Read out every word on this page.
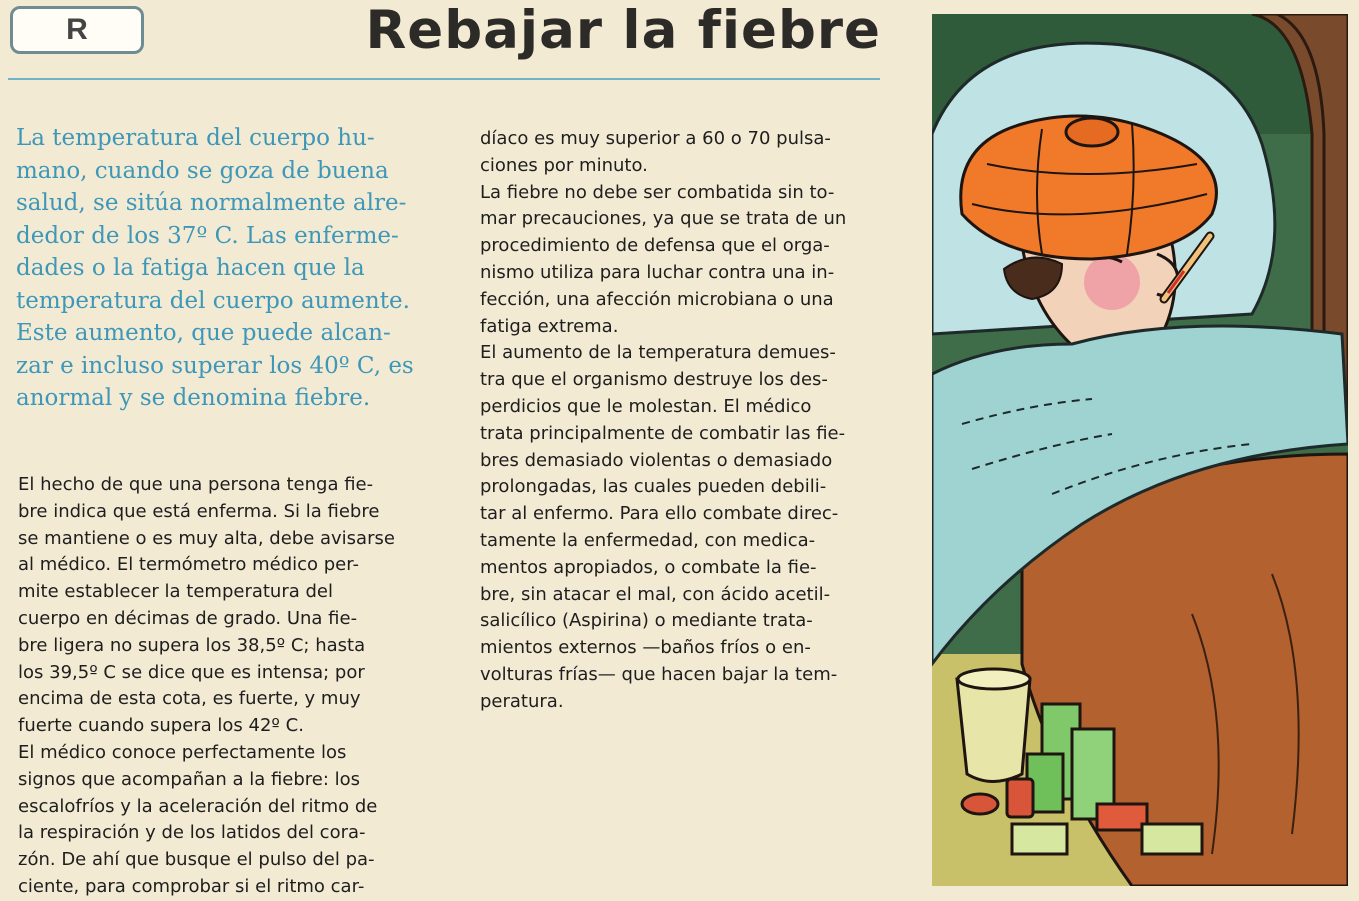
R	Rebajar la fiebre

La temperatura del cuerpo hu-

mano, cuando se goza de buena

salud, se sitúa normalmente alre-

dedor de los 37º C. Las enferme-

dades o la fatiga hacen que la

temperatura del cuerpo aumente.

Este aumento, que puede alcan-

zar e incluso superar los 40º C, es

anormal y se denomina fiebre.

El hecho de que una persona tenga fie-

bre indica que está enferma. Si la fiebre

se mantiene o es muy alta, debe avisarse

al médico. El termómetro médico per-

mite establecer la temperatura del

cuerpo en décimas de grado. Una fie-

bre ligera no supera los 38,5º C; hasta

los 39,5º C se dice que es intensa; por

encima de esta cota, es fuerte, y muy

fuerte cuando supera los 42º C.

El médico conoce perfectamente los

signos que acompañan a la fiebre: los

escalofríos y la aceleración del ritmo de

la respiración y de los latidos del cora-

zón. De ahí que busque el pulso del pa-

ciente, para comprobar si el ritmo car-

díaco es muy superior a 60 o 70 pulsa-

ciones por minuto.

La fiebre no debe ser combatida sin to-

mar precauciones, ya que se trata de un

procedimiento de defensa que el orga-

nismo utiliza para luchar contra una in-

fección, una afección microbiana o una

fatiga extrema.

El aumento de la temperatura demues-

tra que el organismo destruye los des-

perdicios que le molestan. El médico

trata principalmente de combatir las fie-

bres demasiado violentas o demasiado

prolongadas, las cuales pueden debili-

tar al enfermo. Para ello combate direc-

tamente la enfermedad, con medica-

mentos apropiados, o combate la fie-

bre, sin atacar el mal, con ácido acetil-

salicílico (Aspirina) o mediante trata-

mientos externos —baños fríos o en-

volturas frías— que hacen bajar la tem-

peratura.
